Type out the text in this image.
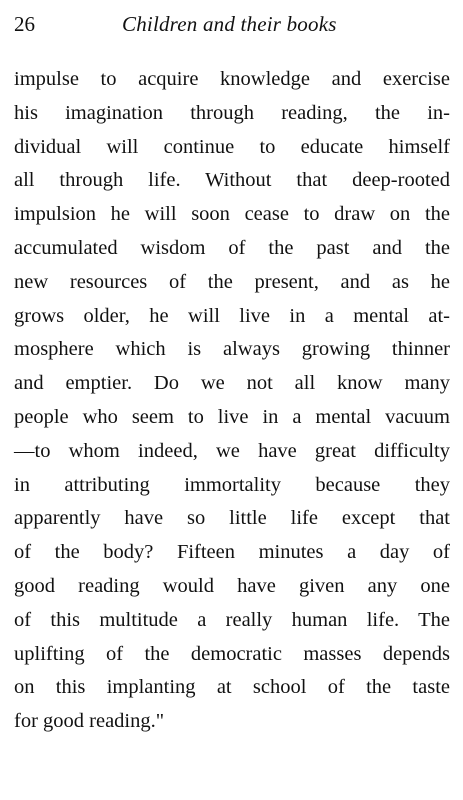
26	Children and their books
impulse to acquire knowledge and exercise
his imagination through reading, the in-
dividual will continue to educate himself
all through life. Without that deep-rooted
impulsion he will soon cease to draw on the
accumulated wisdom of the past and the
new resources of the present, and as he
grows older, he will live in a mental at-
mosphere which is always growing thinner
and emptier. Do we not all know many
people who seem to live in a mental vacuum
—to whom indeed, we have great difficulty
in attributing immortality because they
apparently have so little life except that
of the body? Fifteen minutes a day of
good reading would have given any one
of this multitude a really human life. The
uplifting of the democratic masses depends
on this implanting at school of the taste
for good reading."
